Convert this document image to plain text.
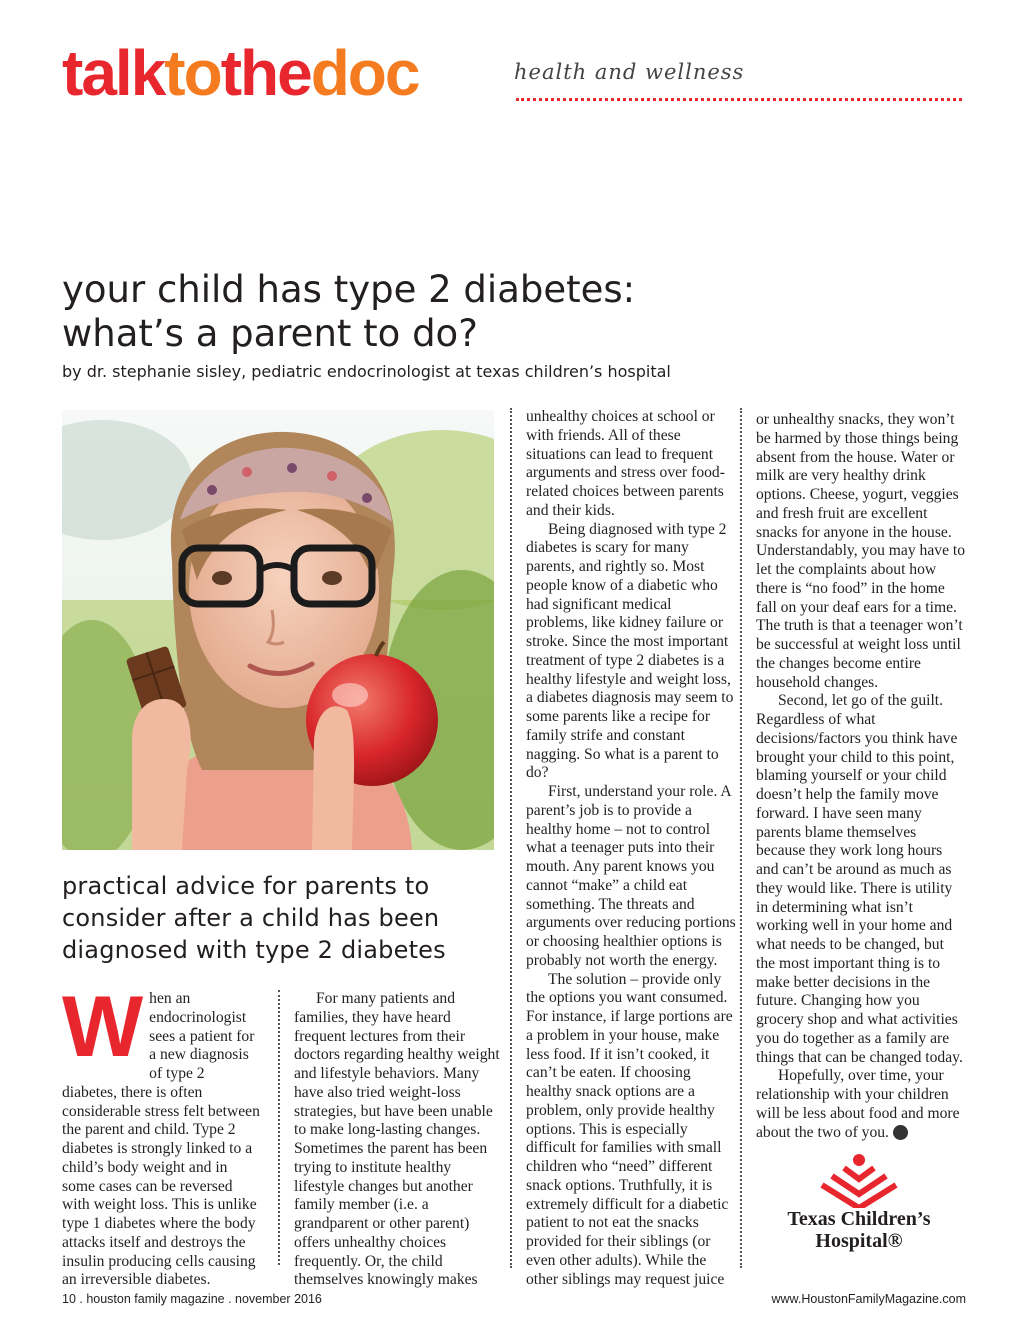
talktothedoc	health and wellness
your child has type 2 diabetes:
what’s a parent to do?
by dr. stephanie sisley, pediatric endocrinologist at texas children’s hospital
practical advice for parents to consider after a child has been diagnosed with type 2 diabetes
W hen an endocrinologist sees a patient for a new diagnosis of type 2 diabetes, there is often considerable stress felt between the parent and child. Type 2 diabetes is strongly linked to a child’s body weight and in some cases can be reversed with weight loss. This is unlike type 1 diabetes where the body attacks itself and destroys the insulin producing cells causing an irreversible diabetes.

For many patients and families, they have heard frequent lectures from their doctors regarding healthy weight and lifestyle behaviors. Many have also tried weight-loss strategies, but have been unable to make long-lasting changes. Sometimes the parent has been trying to institute healthy lifestyle changes but another family member (i.e. a grandparent or other parent) offers unhealthy choices frequently. Or, the child themselves knowingly makes

unhealthy choices at school or with friends. All of these situations can lead to frequent arguments and stress over food-related choices between parents and their kids.

Being diagnosed with type 2 diabetes is scary for many parents, and rightly so. Most people know of a diabetic who had significant medical problems, like kidney failure or stroke. Since the most important treatment of type 2 diabetes is a healthy lifestyle and weight loss, a diabetes diagnosis may seem to some parents like a recipe for family strife and constant nagging. So what is a parent to do?

First, understand your role. A parent’s job is to provide a healthy home – not to control what a teenager puts into their mouth. Any parent knows you cannot “make” a child eat something. The threats and arguments over reducing portions or choosing healthier options is probably not worth the energy.

The solution – provide only the options you want consumed. For instance, if large portions are a problem in your house, make less food. If it isn’t cooked, it can’t be eaten. If choosing healthy snack options are a problem, only provide healthy options. This is especially difficult for families with small children who “need” different snack options. Truthfully, it is extremely difficult for a diabetic patient to not eat the snacks provided for their siblings (or even other adults). While the other siblings may request juice

or unhealthy snacks, they won’t be harmed by those things being absent from the house. Water or milk are very healthy drink options. Cheese, yogurt, veggies and fresh fruit are excellent snacks for anyone in the house. Understandably, you may have to let the complaints about how there is “no food” in the home fall on your deaf ears for a time. The truth is that a teenager won’t be successful at weight loss until the changes become entire household changes.

Second, let go of the guilt. Regardless of what decisions/factors you think have brought your child to this point, blaming yourself or your child doesn’t help the family move forward. I have seen many parents blame themselves because they work long hours and can’t be around as much as they would like. There is utility in determining what isn’t working well in your home and what needs to be changed, but the most important thing is to make better decisions in the future. Changing how you grocery shop and what activities you do together as a family are things that can be changed today.

Hopefully, over time, your relationship with your children will be less about food and more about the two of you.	Hf

Texas Children’s
Hospital®
10 . houston family magazine . november 2016	www.HoustonFamilyMagazine.com
